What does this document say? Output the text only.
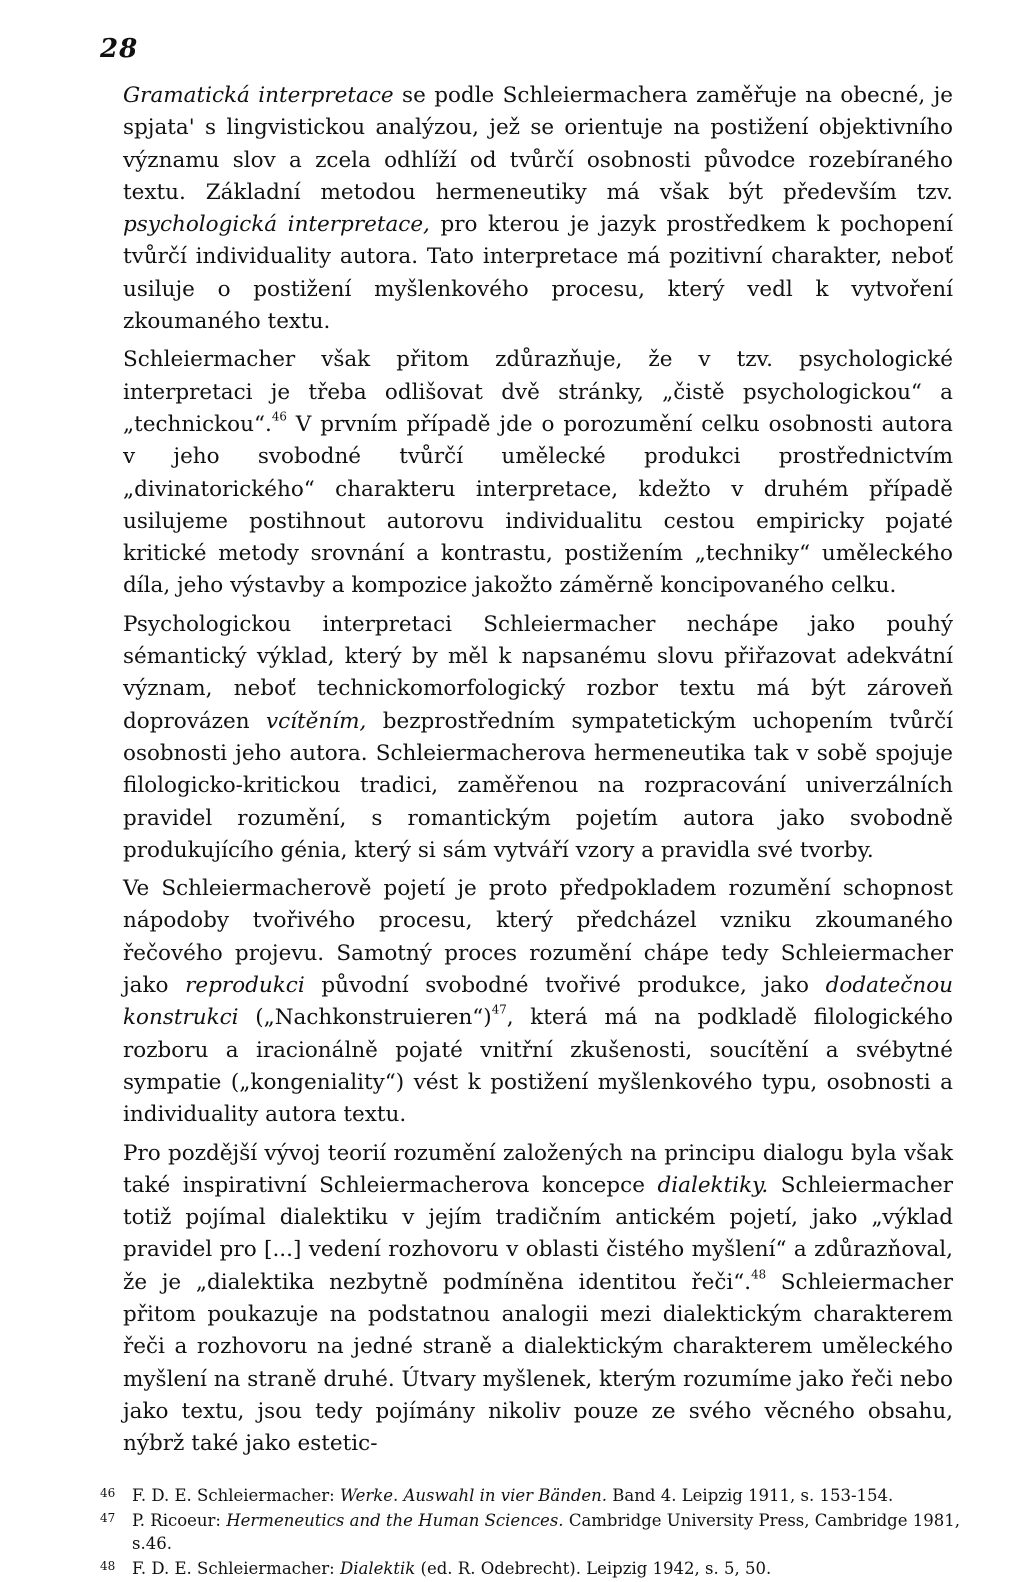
28

Gramatická interpretace se podle Schleiermachera zaměřuje na obecné, je spjata' s lingvistickou analýzou, jež se orientuje na postižení objektivního významu slov a zcela odhlíží od tvůrčí osobnosti původce rozebíraného textu. Základní metodou hermeneutiky má však být především tzv. psychologická interpretace, pro kterou je jazyk prostředkem k pochopení tvůrčí individuality autora. Tato interpretace má pozitivní charakter, neboť usiluje o postižení myšlenkového procesu, který vedl k vytvoření zkoumaného textu.

Schleiermacher však přitom zdůrazňuje, že v tzv. psychologické interpretaci je třeba odlišovat dvě stránky, „čistě psychologickou“ a „technickou“.$^{46}$ V prvním případě jde o porozumění celku osobnosti autora v jeho svobodné tvůrčí umělecké produkci prostřednictvím „divinatorického“ charakteru interpretace, kdežto v druhém případě usilujeme postihnout autorovu individualitu cestou empiricky pojaté kritické metody srovnání a kontrastu, postižením „techniky“ uměleckého díla, jeho výstavby a kompozice jakožto záměrně koncipovaného celku.

Psychologickou interpretaci Schleiermacher nechápe jako pouhý sémantický výklad, který by měl k napsanému slovu přiřazovat adekvátní význam, neboť technickomorfologický rozbor textu má být zároveň doprovázen vcítěním, bezprostředním sympatetickým uchopením tvůrčí osobnosti jeho autora. Schleiermacherova hermeneutika tak v sobě spojuje filologicko-kritickou tradici, zaměřenou na rozpracování univerzálních pravidel rozumění, s romantickým pojetím autora jako svobodně produkujícího génia, který si sám vytváří vzory a pravidla své tvorby.

Ve Schleiermacherově pojetí je proto předpokladem rozumění schopnost nápodoby tvořivého procesu, který předcházel vzniku zkoumaného řečového projevu. Samotný proces rozumění chápe tedy Schleiermacher jako reprodukci původní svobodné tvořivé produkce, jako dodatečnou konstrukci („Nachkonstruieren“)$^{47}$, která má na podkladě filologického rozboru a iracionálně pojaté vnitřní zkušenosti, soucítění a svébytné sympatie („kongeniality“) vést k postižení myšlenkového typu, osobnosti a individuality autora textu.

Pro pozdější vývoj teorií rozumění založených na principu dialogu byla však také inspirativní Schleiermacherova koncepce dialektiky. Schleiermacher totiž pojímal dialektiku v jejím tradičním antickém pojetí, jako „výklad pravidel pro [...] vedení rozhovoru v oblasti čistého myšlení“ a zdůrazňoval, že je „dialektika nezbytně podmíněna identitou řeči“.$^{48}$ Schleiermacher přitom poukazuje na podstatnou analogii mezi dialektickým charakterem řeči a rozhovoru na jedné straně a dialektickým charakterem uměleckého myšlení na straně druhé. Útvary myšlenek, kterým rozumíme jako řeči nebo jako textu, jsou tedy pojímány nikoliv pouze ze svého věcného obsahu, nýbrž také jako estetic-

46	F. D. E. Schleiermacher: Werke. Auswahl in vier Bänden. Band 4. Leipzig 1911, s. 153-154.
47	P. Ricoeur: Hermeneutics and the Human Sciences. Cambridge University Press, Cambridge 1981, s.46.
48	F. D. E. Schleiermacher: Dialektik (ed. R. Odebrecht). Leipzig 1942, s. 5, 50.
